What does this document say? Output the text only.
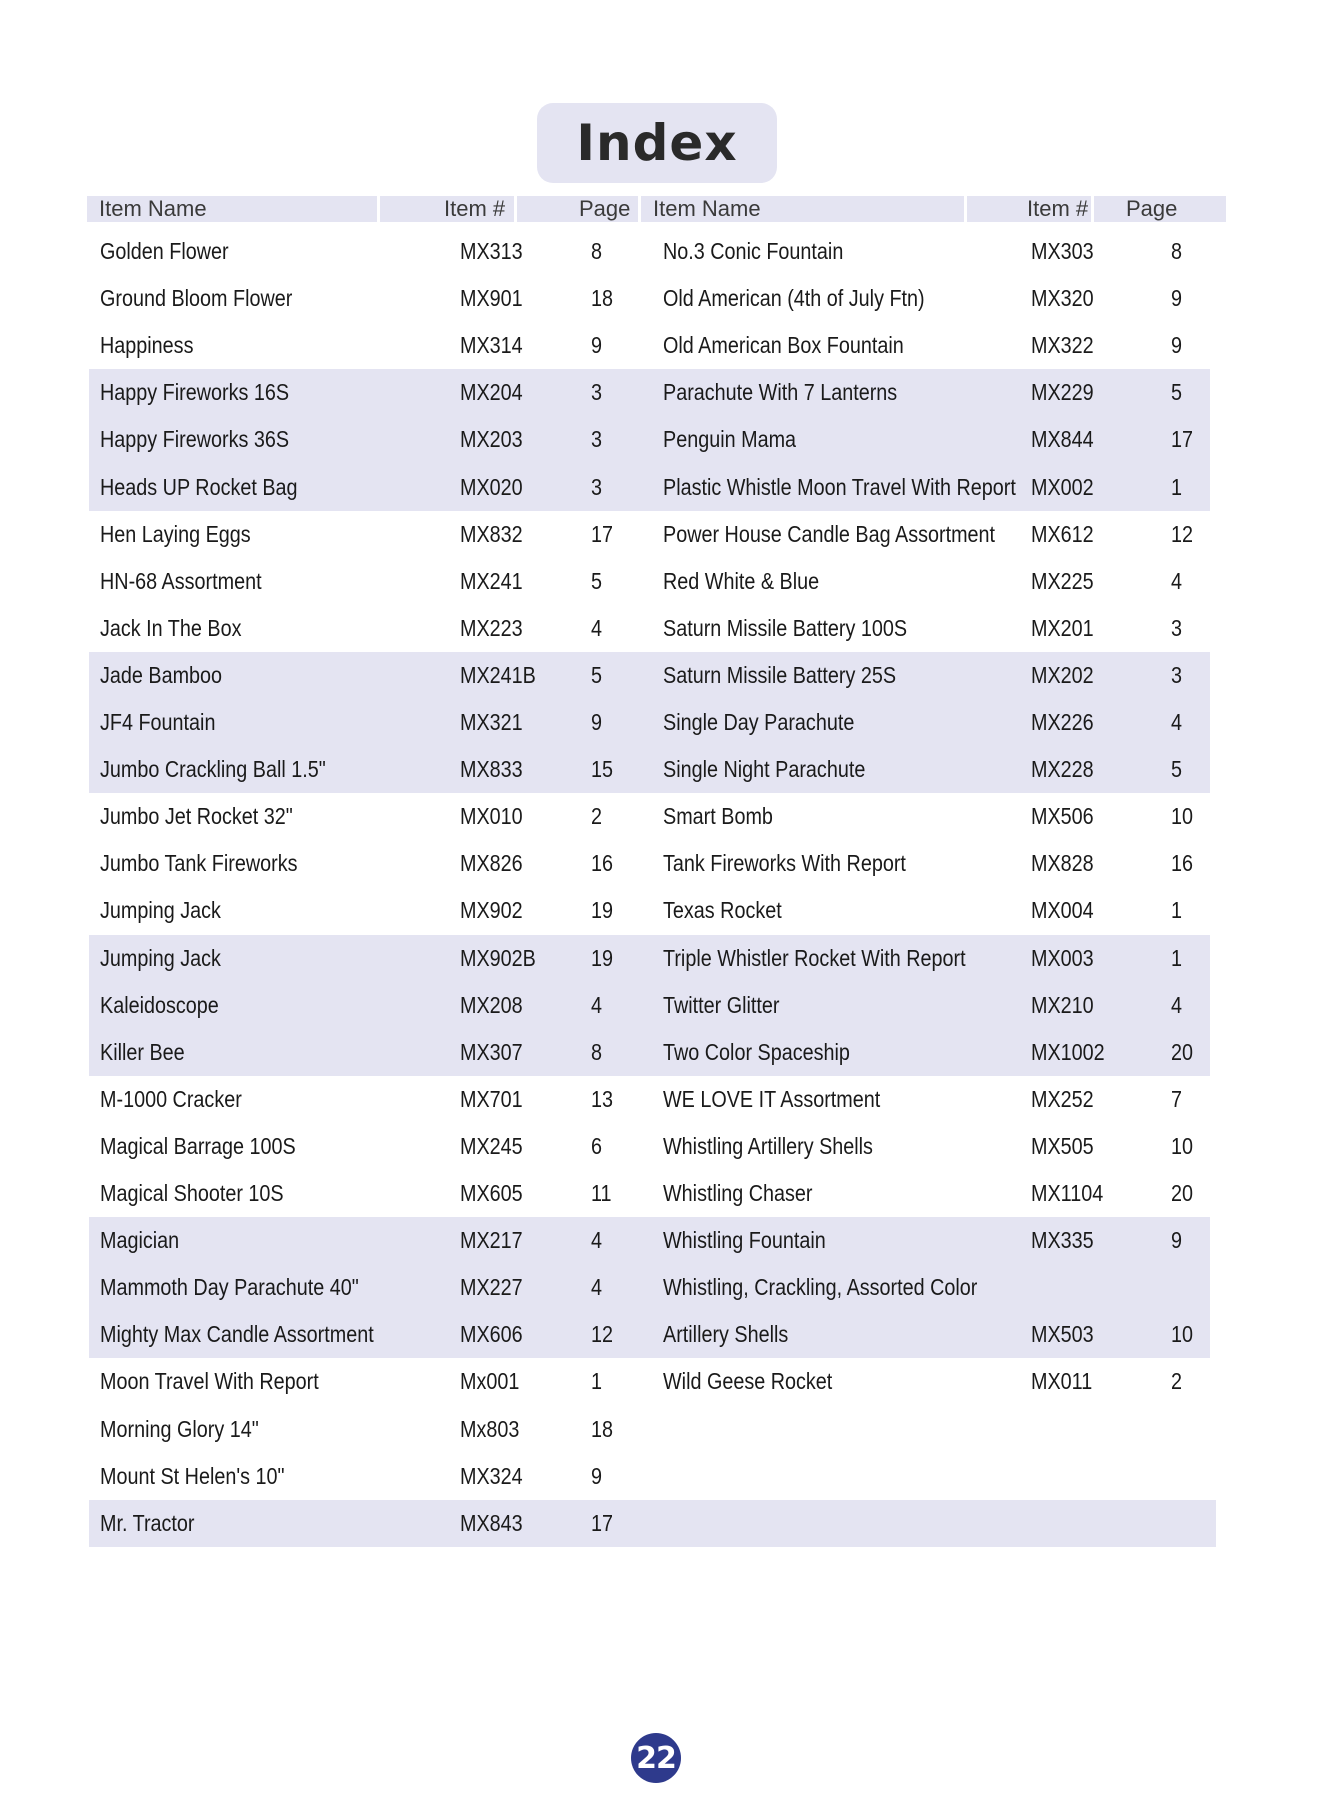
Index
Item Name	Item #	Page	Item Name	Item #	Page
Golden Flower	MX313	8
Ground Bloom Flower	MX901	18
Happiness	MX314	9
Happy Fireworks 16S	MX204	3
Happy Fireworks 36S	MX203	3
Heads UP Rocket Bag	MX020	3
Hen Laying Eggs	MX832	17
HN-68 Assortment	MX241	5
Jack In The Box	MX223	4
Jade Bamboo	MX241B 5
JF4 Fountain	MX321	9
Jumbo Crackling Ball 1.5"	MX833	15
Jumbo Jet Rocket 32"	MX010	2
Jumbo Tank Fireworks	MX826	16
Jumping Jack	MX902	19
Jumping Jack	MX902B 19
Kaleidoscope	MX208	4
Killer Bee	MX307	8
M-1000 Cracker	MX701	13
Magical Barrage 100S	MX245	6
Magical Shooter 10S	MX605	11
Magician	MX217	4
Mammoth Day Parachute 40"	MX227	4
Mighty Max Candle Assortment	MX606	12
Moon Travel With Report	Mx001	1
Morning Glory 14"	Mx803	18
Mount St Helen's 10"	MX324	9
Mr. Tractor	MX843	17
No.3 Conic Fountain	MX303	8
Old American (4th of July Ftn)	MX320	9
Old American Box Fountain	MX322	9
Parachute With 7 Lanterns	MX229	5
Penguin Mama	MX844	17
Plastic Whistle Moon Travel With Report MX002	1
Power House Candle Bag Assortment MX612	12
Red White & Blue	MX225	4
Saturn Missile Battery 100S	MX201	3
Saturn Missile Battery 25S	MX202	3
Single Day Parachute	MX226	4
Single Night Parachute	MX228	5
Smart Bomb	MX506	10
Tank Fireworks With Report	MX828	16
Texas Rocket	MX004	1
Triple Whistler Rocket With Report	MX003	1
Twitter Glitter	MX210	4
Two Color Spaceship	MX1002	20
WE LOVE IT Assortment	MX252	7
Whistling Artillery Shells	MX505	10
Whistling Chaser	MX1104	20
Whistling Fountain	MX335	9
Whistling, Crackling, Assorted Color
Artillery Shells	MX503	10
Wild Geese Rocket	MX011	2
22
